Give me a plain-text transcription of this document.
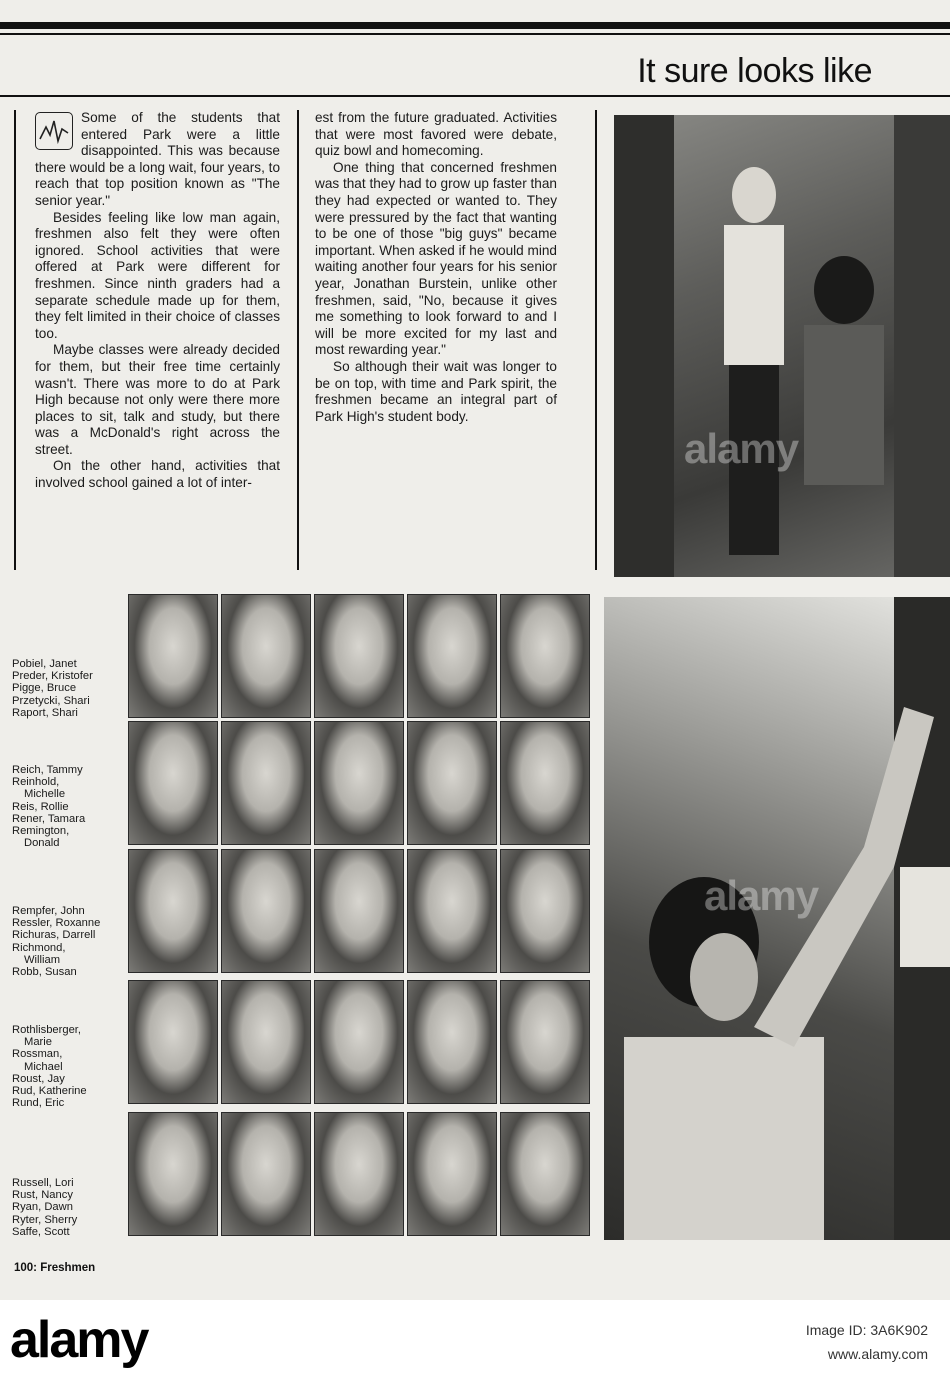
It sure looks like

Some of the students that entered Park were a little disappointed. This was because there would be a long wait, four years, to reach that top position known as "The senior year."

Besides feeling like low man again, freshmen also felt they were often ignored. School activities that were offered at Park were different for freshmen. Since ninth graders had a separate schedule made up for them, they felt limited in their choice of classes too.

Maybe classes were already decided for them, but their free time certainly wasn't. There was more to do at Park High because not only were there more places to sit, talk and study, but there was a McDonald's right across the street.

On the other hand, activities that involved school gained a lot of inter-

est from the future graduated. Activities that were most favored were debate, quiz bowl and homecoming.

One thing that concerned freshmen was that they had to grow up faster than they had expected or wanted to. They were pressured by the fact that wanting to be one of those "big guys" became important. When asked if he would mind waiting another four years for his senior year, Jonathan Burstein, unlike other freshmen, said, "No, because it gives me something to look forward to and I will be more excited for my last and most rewarding year."

So although their wait was longer to be on top, with time and Park spirit, the freshmen became an integral part of Park High's student body.

alamy
alamy
Pobiel, Janet
Preder, Kristofer
Pigge, Bruce
Przetycki, Shari
Raport, Shari
Reich, Tammy
Reinhold,
Michelle
Reis, Rollie
Rener, Tamara
Remington,
Donald
Rempfer, John
Ressler, Roxanne
Richuras, Darrell
Richmond,
William
Robb, Susan
Rothlisberger,
Marie
Rossman,
Michael
Roust, Jay
Rud, Katherine
Rund, Eric
Russell, Lori
Rust, Nancy
Ryan, Dawn
Ryter, Sherry
Saffe, Scott
100: Freshmen
alamy	Image ID: 3A6K902
www.alamy.com
